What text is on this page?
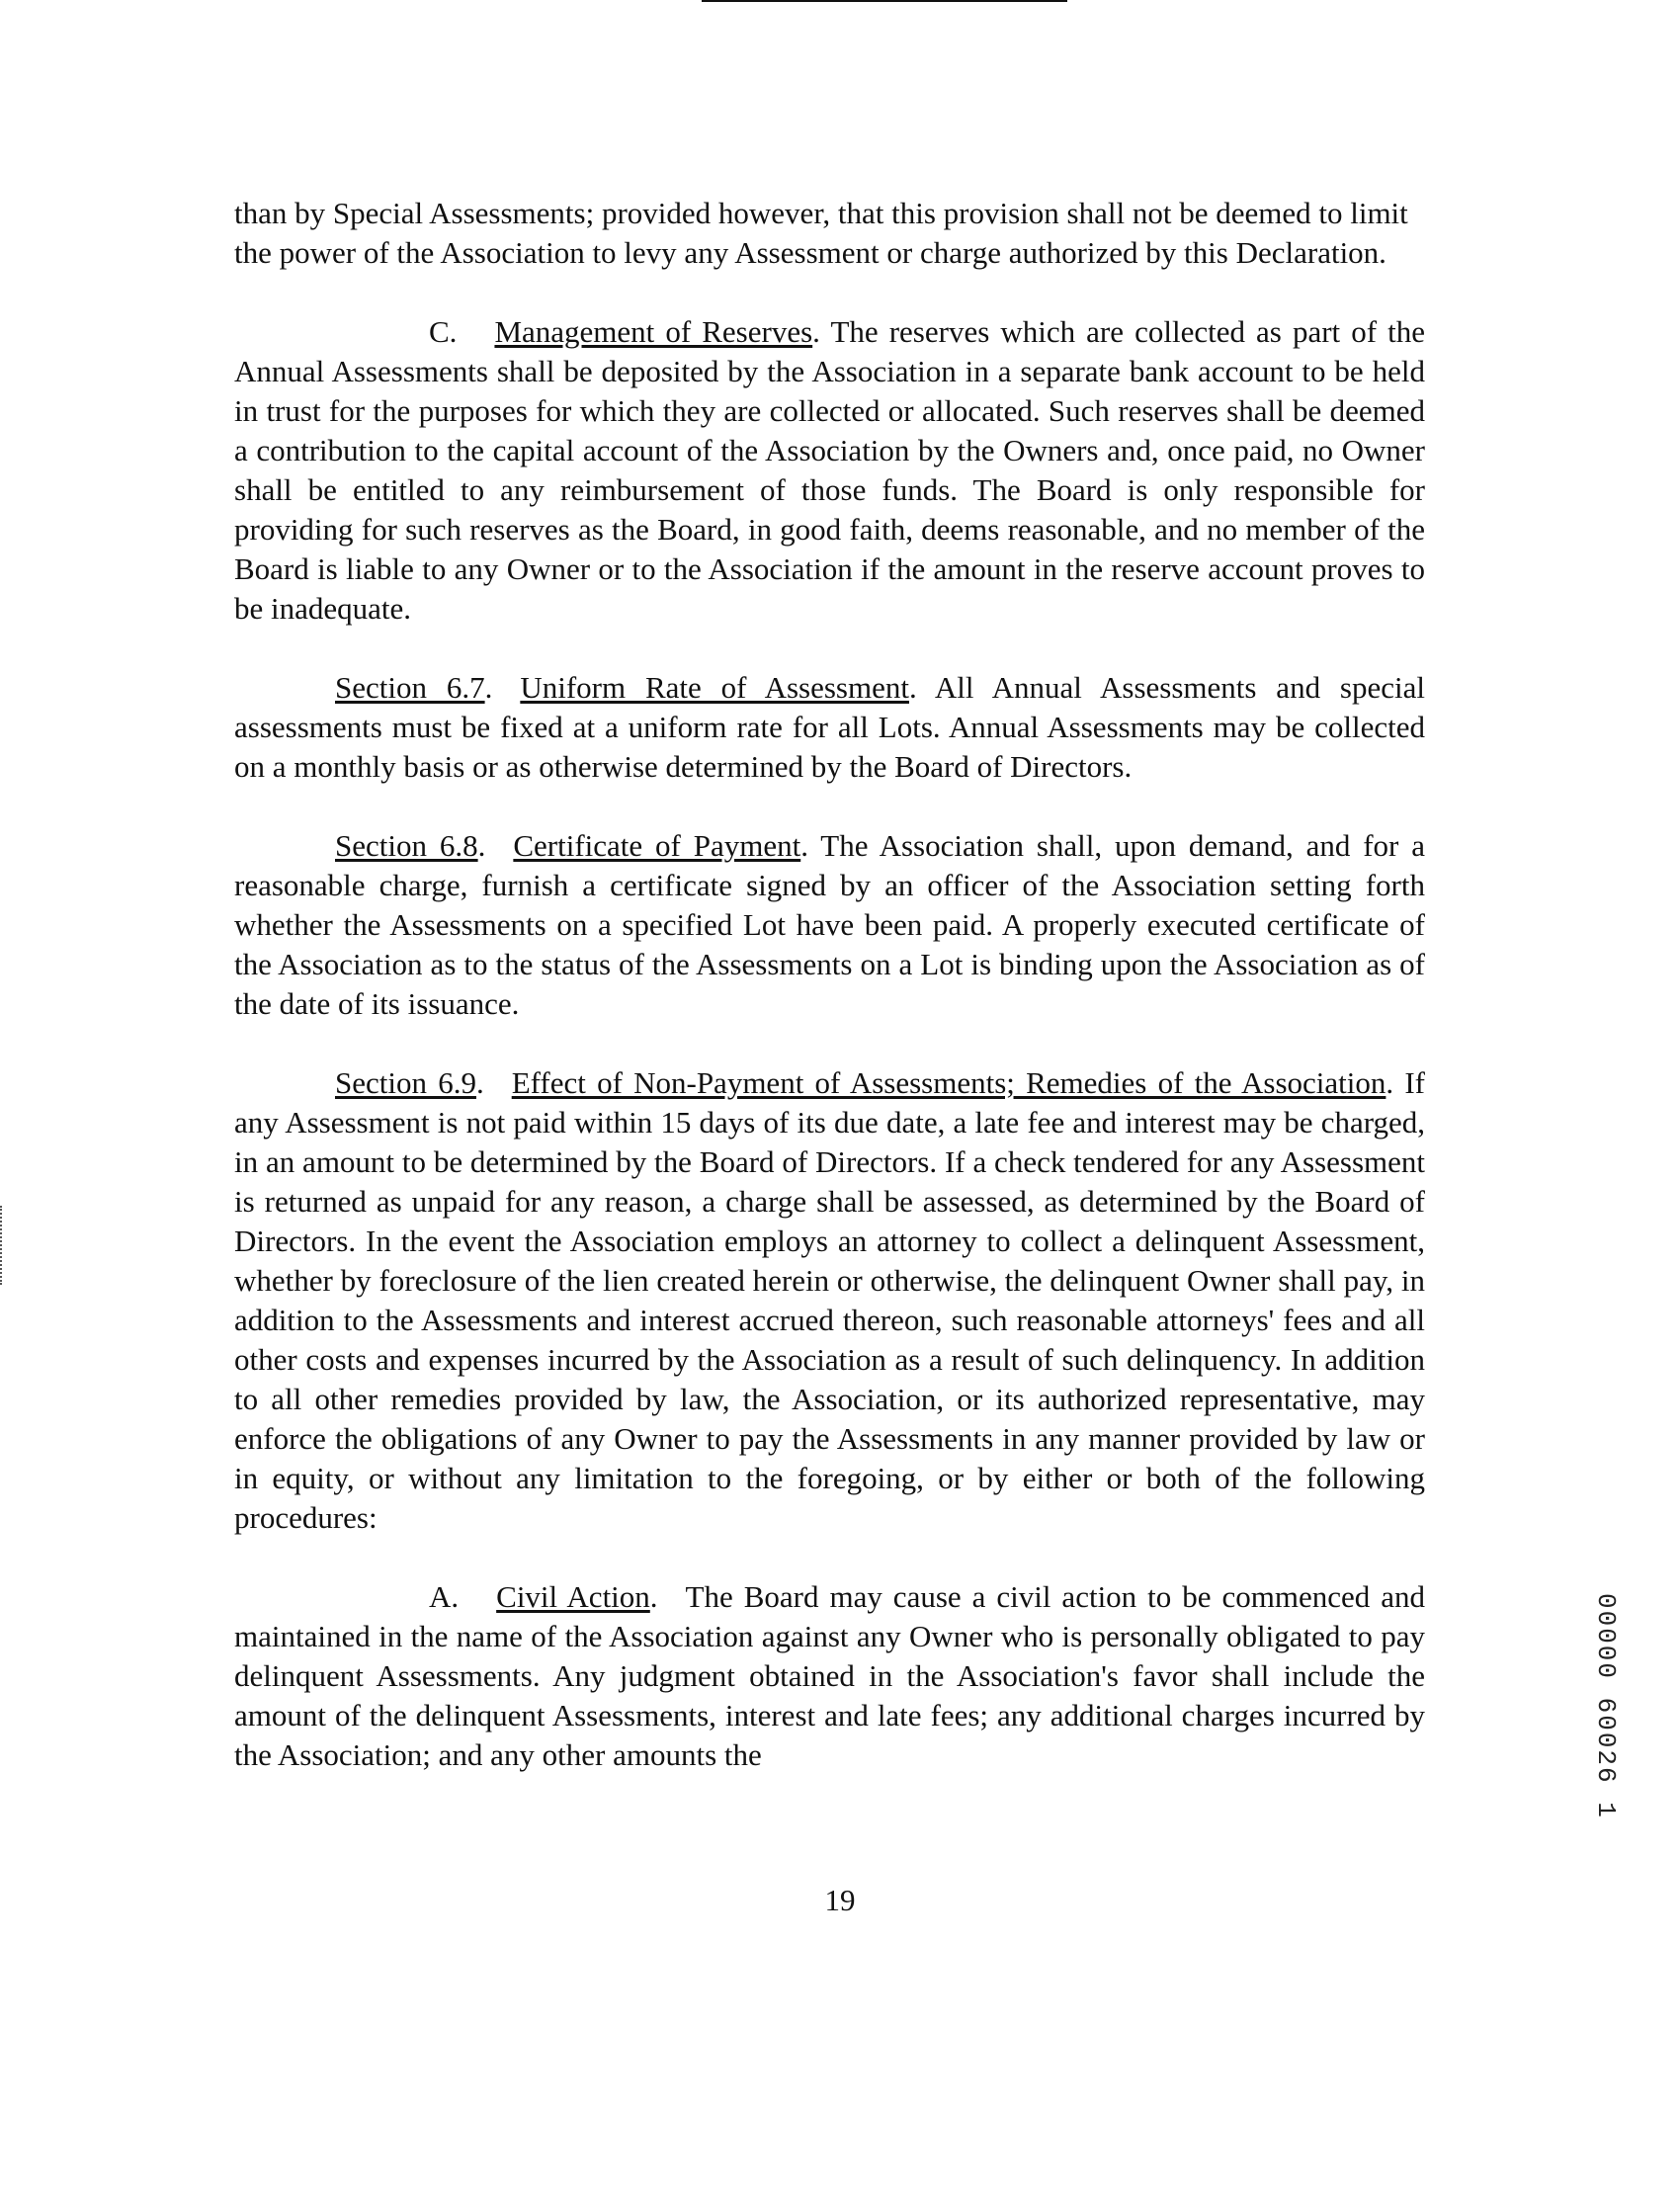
than by Special Assessments; provided however, that this provision shall not be deemed to limit the power of the Association to levy any Assessment or charge authorized by this Declaration.

C. Management of Reserves. The reserves which are collected as part of the Annual Assessments shall be deposited by the Association in a separate bank account to be held in trust for the purposes for which they are collected or allocated. Such reserves shall be deemed a contribution to the capital account of the Association by the Owners and, once paid, no Owner shall be entitled to any reimbursement of those funds. The Board is only responsible for providing for such reserves as the Board, in good faith, deems reasonable, and no member of the Board is liable to any Owner or to the Association if the amount in the reserve account proves to be inadequate.

Section 6.7. Uniform Rate of Assessment. All Annual Assessments and special assessments must be fixed at a uniform rate for all Lots. Annual Assessments may be collected on a monthly basis or as otherwise determined by the Board of Directors.

Section 6.8. Certificate of Payment. The Association shall, upon demand, and for a reasonable charge, furnish a certificate signed by an officer of the Association setting forth whether the Assessments on a specified Lot have been paid. A properly executed certificate of the Association as to the status of the Assessments on a Lot is binding upon the Association as of the date of its issuance.

Section 6.9. Effect of Non-Payment of Assessments; Remedies of the Association. If any Assessment is not paid within 15 days of its due date, a late fee and interest may be charged, in an amount to be determined by the Board of Directors. If a check tendered for any Assessment is returned as unpaid for any reason, a charge shall be assessed, as determined by the Board of Directors. In the event the Association employs an attorney to collect a delinquent Assessment, whether by foreclosure of the lien created herein or otherwise, the delinquent Owner shall pay, in addition to the Assessments and interest accrued thereon, such reasonable attorneys' fees and all other costs and expenses incurred by the Association as a result of such delinquency. In addition to all other remedies provided by law, the Association, or its authorized representative, may enforce the obligations of any Owner to pay the Assessments in any manner provided by law or in equity, or without any limitation to the foregoing, or by either or both of the following procedures:

A. Civil Action. The Board may cause a civil action to be commenced and maintained in the name of the Association against any Owner who is personally obligated to pay delinquent Assessments. Any judgment obtained in the Association's favor shall include the amount of the delinquent Assessments, interest and late fees; any additional charges incurred by the Association; and any other amounts the

19
00000 60026 1
